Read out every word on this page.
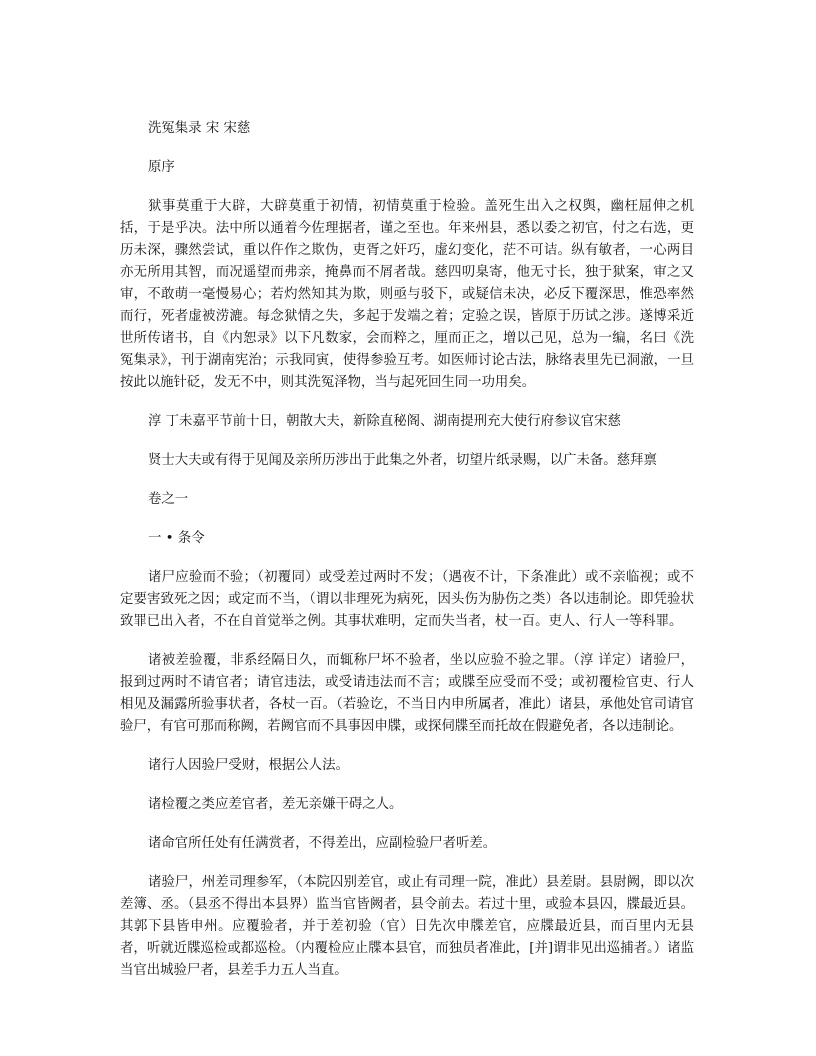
洗冤集录 宋 宋慈

原序

狱事莫重于大辟，大辟莫重于初情，初情莫重于检验。盖死生出入之权舆，幽枉屈伸之机括，于是乎决。法中所以通着今佐理据者，谨之至也。年来州县，悉以委之初官，付之右选，更历未深，骤然尝试，重以仵作之欺伪，吏胥之奸巧，虚幻变化，茫不可诘。纵有敏者，一心两目亦无所用其智，而况遥望而弗亲，掩鼻而不屑者哉。慈四叨臬寄，他无寸长，独于狱案，审之又审，不敢萌一毫慢易心；若灼然知其为欺，则亟与驳下，或疑信未决，必反下覆深思，惟恐率然而行，死者虚被涝漉。每念狱情之失，多起于发端之着；定验之误，皆原于历试之涉。遂博采近世所传诸书，自《内恕录》以下凡数家，会而粹之，厘而正之，增以己见，总为一编，名曰《洗冤集录》，刊于湖南宪治；示我同寅，使得参验互考。如医师讨论古法，脉络表里先已洞澈，一旦按此以施针砭，发无不中，则其洗冤泽物，当与起死回生同一功用矣。

淳 丁未嘉平节前十日，朝散大夫，新除直秘阁、湖南提刑充大使行府参议官宋慈

贤士大夫或有得于见闻及亲所历涉出于此集之外者，切望片纸录赐，以广未备。慈拜禀

卷之一

一 • 条令

诸尸应验而不验；（初覆同）或受差过两时不发；（遇夜不计，下条准此）或不亲临视；或不定要害致死之因；或定而不当，（谓以非理死为病死，因头伤为胁伤之类）各以违制论。即凭验状致罪已出入者，不在自首觉举之例。其事状难明，定而失当者，杖一百。吏人、行人一等科罪。

诸被差验覆，非系经隔日久，而辄称尸坏不验者，坐以应验不验之罪。（淳 详定）诸验尸，报到过两时不请官者；请官违法，或受请违法而不言；或牒至应受而不受；或初覆检官吏、行人相见及漏露所验事状者，各杖一百。（若验讫，不当日内申所属者，准此）诸县，承他处官司请官验尸，有官可那而称阙，若阙官而不具事因申牒，或探伺牒至而托故在假避免者，各以违制论。

诸行人因验尸受财，根据公人法。

诸检覆之类应差官者，差无亲嫌干碍之人。

诸命官所任处有任满赏者，不得差出，应副检验尸者听差。

诸验尸，州差司理参军，（本院囚别差官，或止有司理一院，准此）县差尉。县尉阙，即以次差簿、丞。（县丞不得出本县界）监当官皆阙者，县令前去。若过十里，或验本县囚，牒最近县。其郭下县皆申州。应覆验者，并于差初验（官）日先次申牒差官，应牒最近县，而百里内无县者，听就近牒巡检或都巡检。（内覆检应止牒本县官，而独员者准此，[并]谓非见出巡捕者。）诸监当官出城验尸者，县差手力五人当直。
